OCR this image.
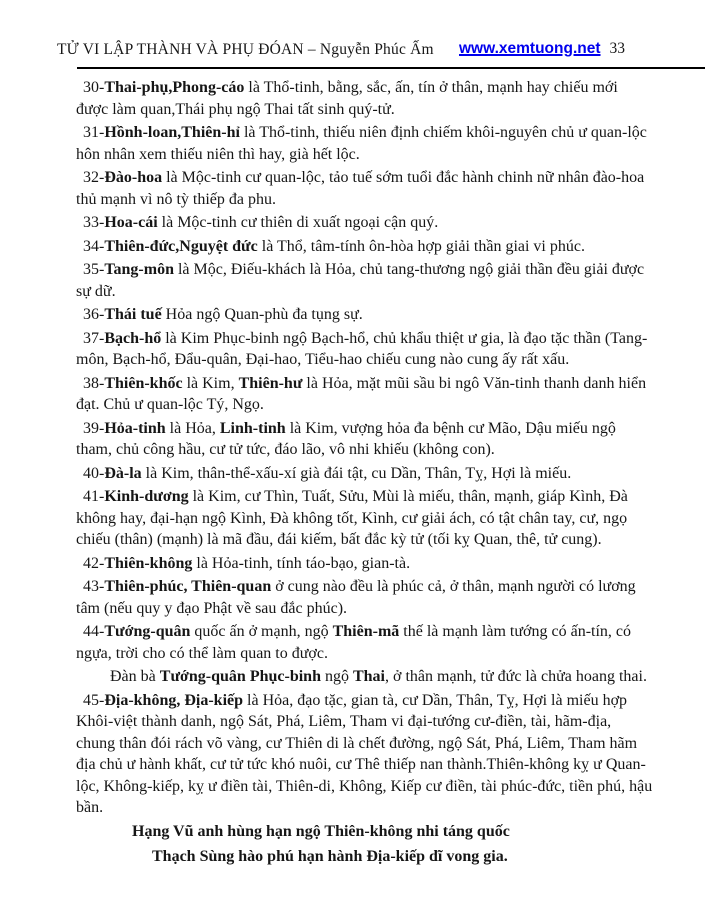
TỬ VI LẬP THÀNH VÀ PHỤ ĐÓAN – Nguyễn Phúc Ấm www.xemtuong.net 33

30-Thai-phụ,Phong-cáo là Thổ-tinh, bằng, sắc, ấn, tín ở thân, mạnh hay chiếu mới được làm quan,Thái phụ ngộ Thai tất sinh quý-tử.

31-Hồnh-loan,Thiên-hỉ là Thổ-tinh, thiếu niên định chiếm khôi-nguyên chủ ư quan-lộc hôn nhân xem thiếu niên thì hay, già hết lộc.

32-Đào-hoa là Mộc-tinh cư quan-lộc, tảo tuế sớm tuổi đắc hành chinh nữ nhân đào-hoa thủ mạnh vì nô tỳ thiếp đa phu.

33-Hoa-cái là Mộc-tinh cư thiên di xuất ngoại cận quý.

34-Thiên-đức,Nguyệt đức là Thổ, tâm-tính ôn-hòa hợp giải thần giai vi phúc.

35-Tang-môn là Mộc, Điếu-khách là Hỏa, chủ tang-thương ngộ giải thần đều giải được sự dữ.

36-Thái tuế Hỏa ngộ Quan-phù đa tụng sự.

37-Bạch-hổ là Kim Phục-binh ngộ Bạch-hổ, chủ khẩu thiệt ư gia, là đạo tặc thần (Tang-môn, Bạch-hổ, Đẩu-quân, Đại-hao, Tiểu-hao chiếu cung nào cung ấy rất xấu.

38-Thiên-khốc là Kim, Thiên-hư là Hỏa, mặt mũi sầu bi ngô Văn-tinh thanh danh hiển đạt. Chủ ư quan-lộc Tý, Ngọ.

39-Hỏa-tinh là Hỏa, Linh-tinh là Kim, vượng hỏa đa bệnh cư Mão, Dậu miếu ngộ tham, chủ công hầu, cư tử tức, đáo lão, vô nhi khiếu (không con).

40-Đà-la là Kim, thân-thể-xấu-xí già đái tật, cu Dần, Thân, Tỵ, Hợi là miếu.

41-Kinh-dương là Kim, cư Thìn, Tuất, Sửu, Mùi là miếu, thân, mạnh, giáp Kình, Đà không hay, đại-hạn ngộ Kình, Đà không tốt, Kình, cư giải ách, có tật chân tay, cư, ngọ chiếu (thân) (mạnh) là mã đầu, đái kiếm, bất đắc kỳ tử (tối kỵ Quan, thê, tử cung).

42-Thiên-không là Hỏa-tinh, tính táo-bạo, gian-tà.

43-Thiên-phúc, Thiên-quan ở cung nào đều là phúc cả, ở thân, mạnh người có lương tâm (nếu quy y đạo Phật về sau đắc phúc).

44-Tướng-quân quốc ấn ở mạnh, ngộ Thiên-mã thế là mạnh làm tướng có ấn-tín, có ngựa, trời cho có thể làm quan to được.

Đàn bà Tướng-quân Phục-binh ngộ Thai, ở thân mạnh, tử đức là chửa hoang thai.

45-Địa-không, Địa-kiếp là Hỏa, đạo tặc, gian tà, cư Dần, Thân, Tỵ, Hợi là miếu hợp Khôi-việt thành danh, ngộ Sát, Phá, Liêm, Tham vi đại-tướng cư-điền, tài, hãm-địa, chung thân đói rách võ vàng, cư Thiên di là chết đường, ngộ Sát, Phá, Liêm, Tham hãm địa chủ ư hành khất, cư tử tức khó nuôi, cư Thê thiếp nan thành.Thiên-không kỵ ư Quan-lộc, Không-kiếp, kỵ ư điền tài, Thiên-di, Không, Kiếp cư điền, tài phúc-đức, tiền phú, hậu bần.

Hạng Vũ anh hùng hạn ngộ Thiên-không nhi táng quốc

Thạch Sùng hào phú hạn hành Địa-kiếp dĩ vong gia.
